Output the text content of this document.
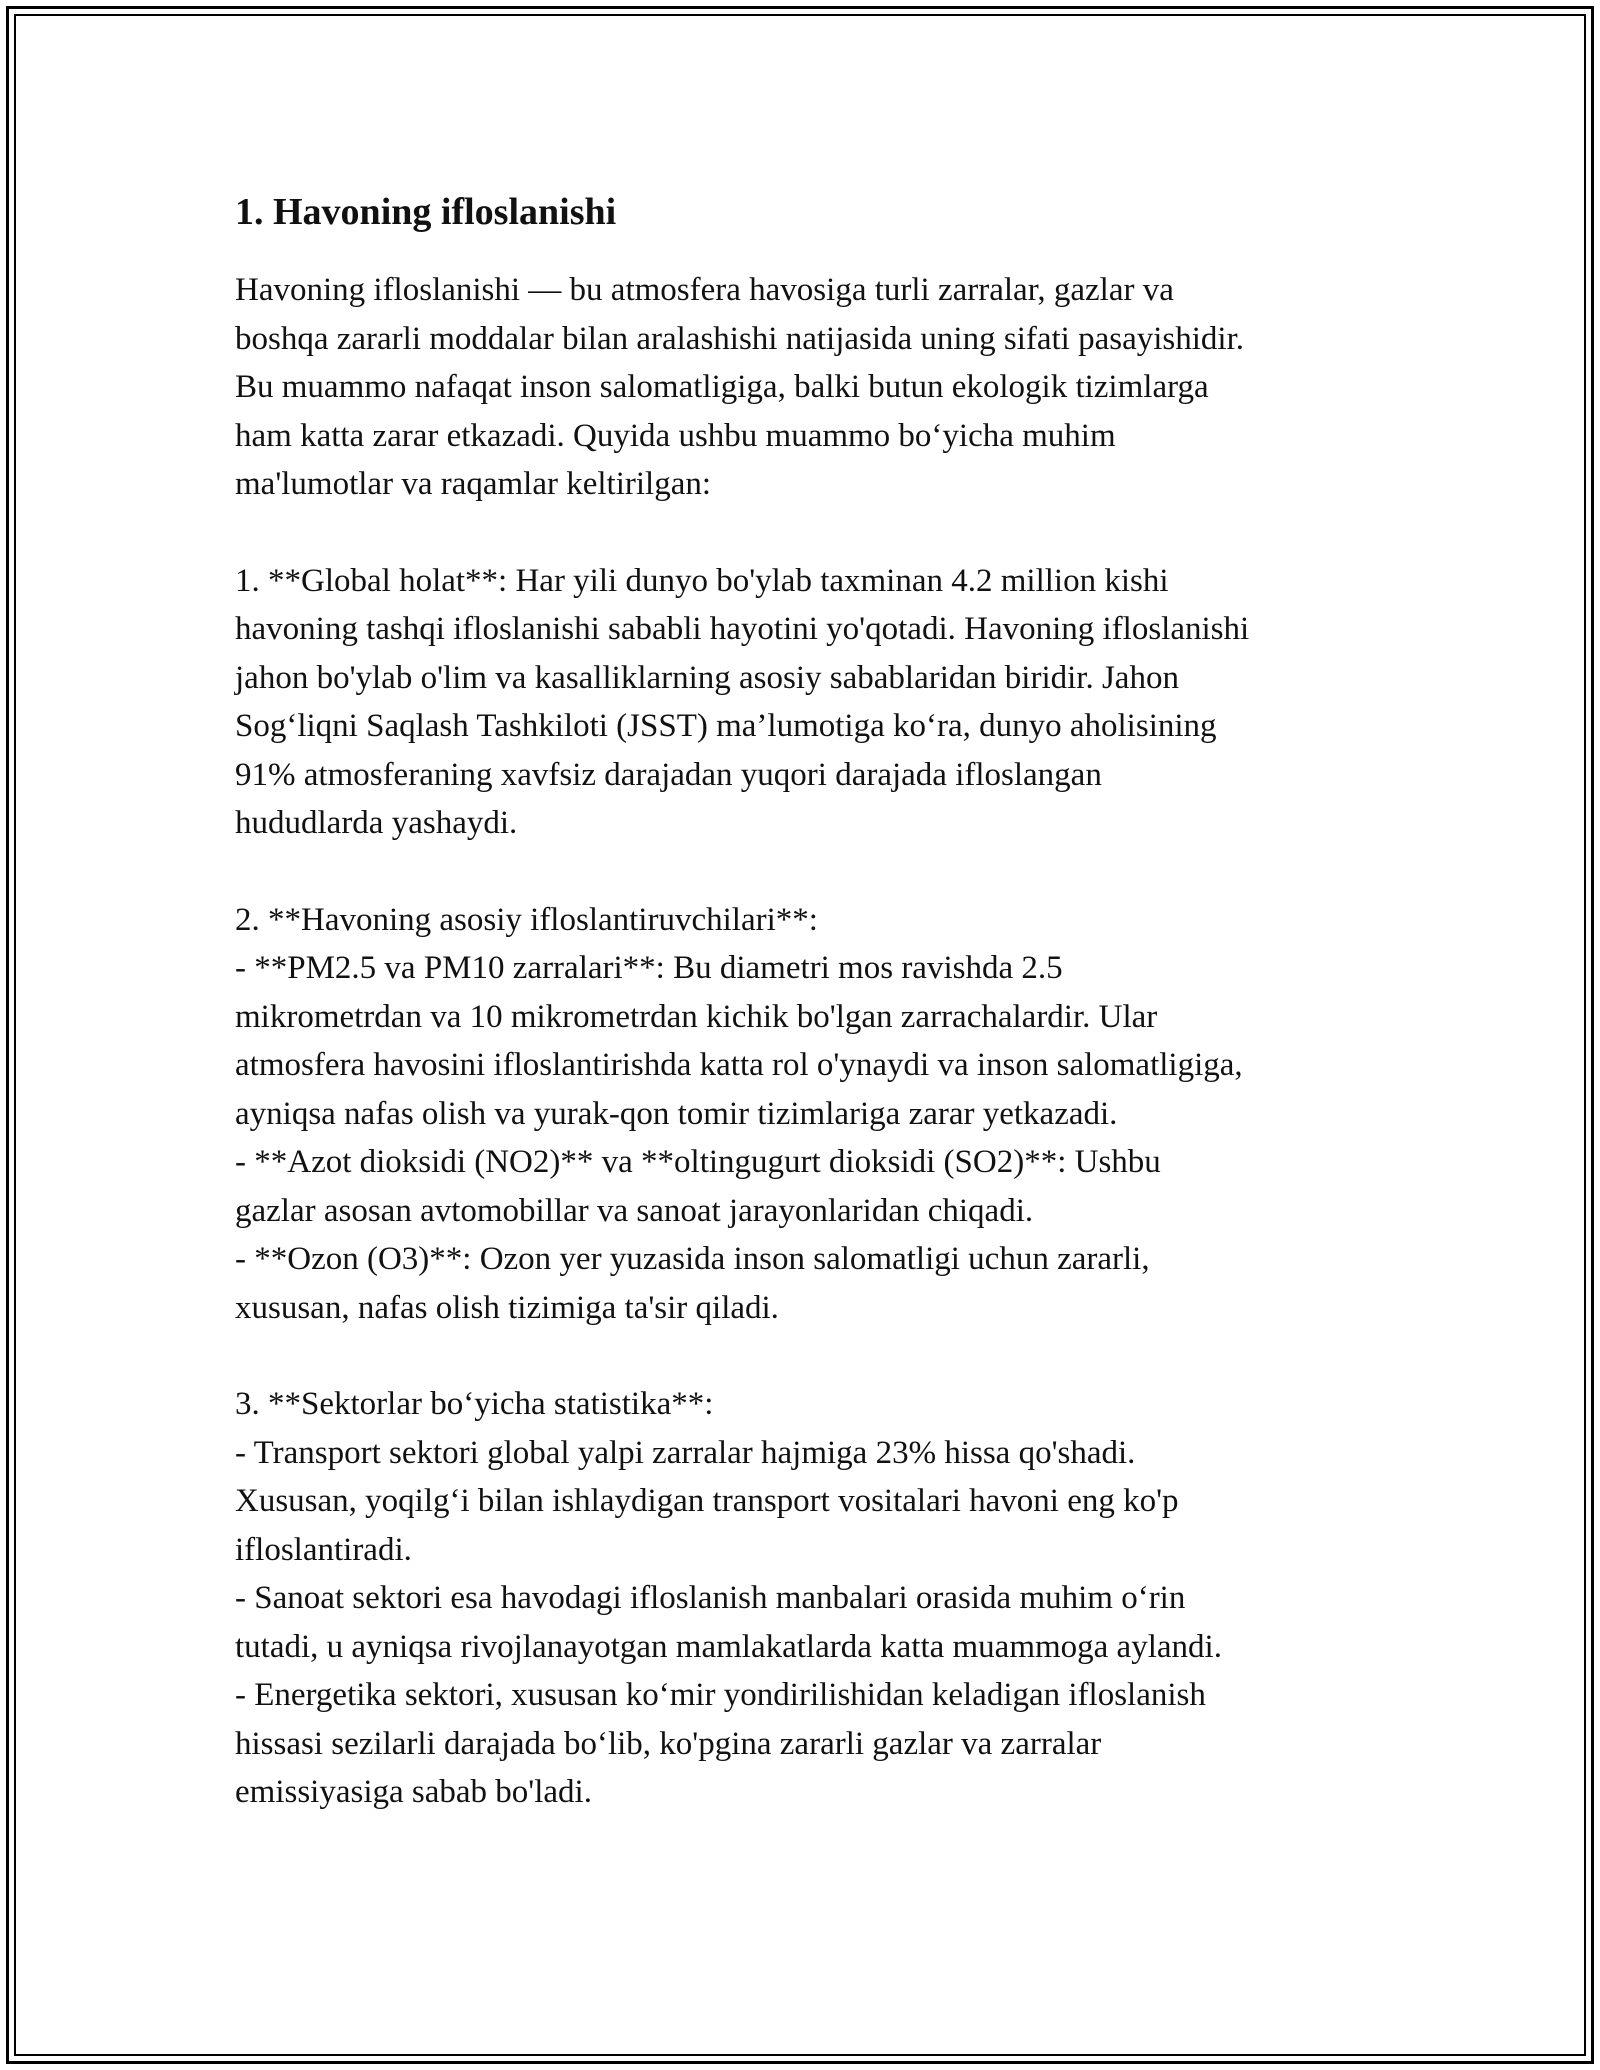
1. Havoning ifloslanishi

Havoning ifloslanishi — bu atmosfera havosiga turli zarralar, gazlar va
boshqa zararli moddalar bilan aralashishi natijasida uning sifati pasayishidir.
Bu muammo nafaqat inson salomatligiga, balki butun ekologik tizimlarga
ham katta zarar etkazadi. Quyida ushbu muammo bo‘yicha muhim
ma'lumotlar va raqamlar keltirilgan:

1. **Global holat**: Har yili dunyo bo'ylab taxminan 4.2 million kishi
havoning tashqi ifloslanishi sababli hayotini yo'qotadi. Havoning ifloslanishi
jahon bo'ylab o'lim va kasalliklarning asosiy sabablaridan biridir. Jahon
Sog‘liqni Saqlash Tashkiloti (JSST) ma’lumotiga ko‘ra, dunyo aholisining
91% atmosferaning xavfsiz darajadan yuqori darajada ifloslangan
hududlarda yashaydi.

2. **Havoning asosiy ifloslantiruvchilari**:
- **PM2.5 va PM10 zarralari**: Bu diametri mos ravishda 2.5
mikrometrdan va 10 mikrometrdan kichik bo'lgan zarrachalardir. Ular
atmosfera havosini ifloslantirishda katta rol o'ynaydi va inson salomatligiga,
ayniqsa nafas olish va yurak-qon tomir tizimlariga zarar yetkazadi.
- **Azot dioksidi (NO2)** va **oltingugurt dioksidi (SO2)**: Ushbu
gazlar asosan avtomobillar va sanoat jarayonlaridan chiqadi.
- **Ozon (O3)**: Ozon yer yuzasida inson salomatligi uchun zararli,
xususan, nafas olish tizimiga ta'sir qiladi.

3. **Sektorlar bo‘yicha statistika**:
- Transport sektori global yalpi zarralar hajmiga 23% hissa qo'shadi.
Xususan, yoqilg‘i bilan ishlaydigan transport vositalari havoni eng ko'p
ifloslantiradi.
- Sanoat sektori esa havodagi ifloslanish manbalari orasida muhim o‘rin
tutadi, u ayniqsa rivojlanayotgan mamlakatlarda katta muammoga aylandi.
- Energetika sektori, xususan ko‘mir yondirilishidan keladigan ifloslanish
hissasi sezilarli darajada bo‘lib, ko'pgina zararli gazlar va zarralar
emissiyasiga sabab bo'ladi.
